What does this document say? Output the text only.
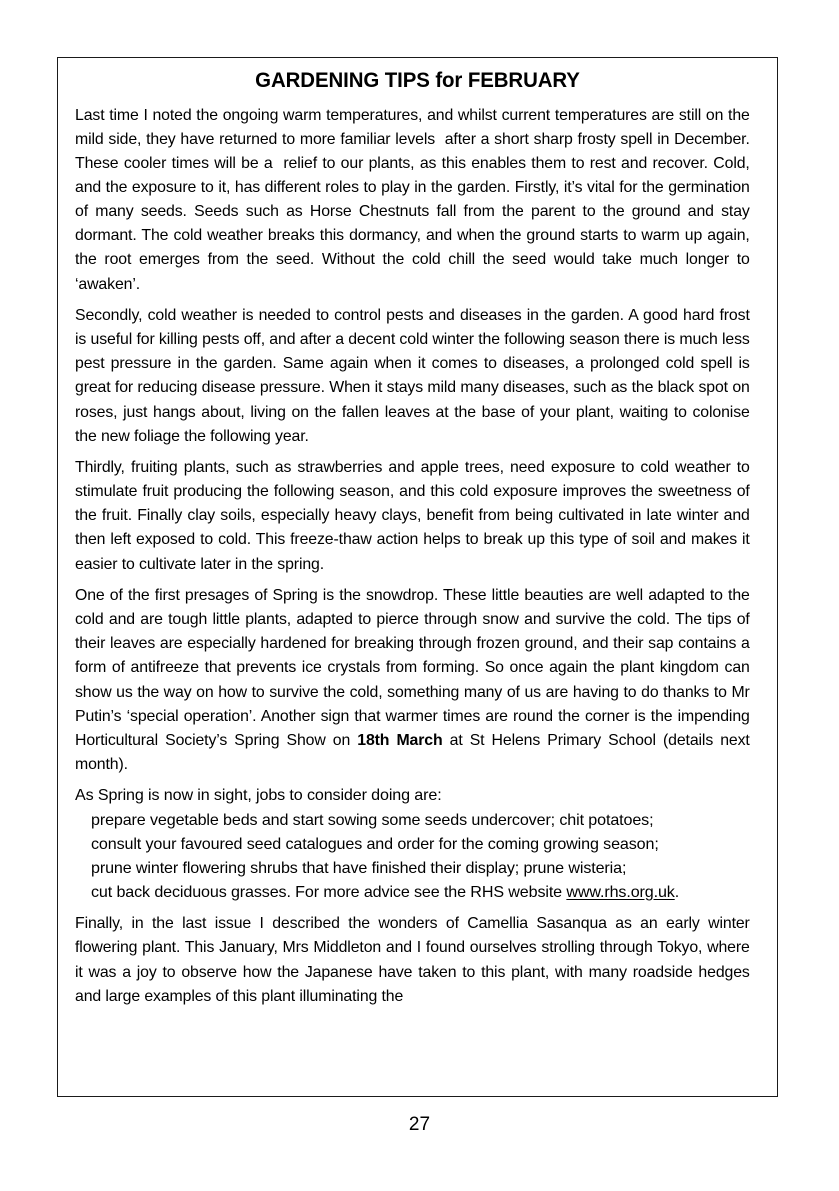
GARDENING TIPS for FEBRUARY

Last time I noted the ongoing warm temperatures, and whilst current temperatures are still on the mild side, they have returned to more familiar levels  after a short sharp frosty spell in December. These cooler times will be a  relief to our plants, as this enables them to rest and recover. Cold, and the exposure to it, has different roles to play in the garden. Firstly, it’s vital for the germination of many seeds. Seeds such as Horse Chestnuts fall from the parent to the ground and stay dormant. The cold weather breaks this dormancy, and when the ground starts to warm up again, the root emerges from the seed. Without the cold chill the seed would take much longer to ‘awaken’.

Secondly, cold weather is needed to control pests and diseases in the garden. A good hard frost is useful for killing pests off, and after a decent cold winter the following season there is much less pest pressure in the garden. Same again when it comes to diseases, a prolonged cold spell is great for reducing disease pressure. When it stays mild many diseases, such as the black spot on roses, just hangs about, living on the fallen leaves at the base of your plant, waiting to colonise the new foliage the following year.

Thirdly, fruiting plants, such as strawberries and apple trees, need exposure to cold weather to stimulate fruit producing the following season, and this cold exposure improves the sweetness of the fruit. Finally clay soils, especially heavy clays, benefit from being cultivated in late winter and then left exposed to cold. This freeze-thaw action helps to break up this type of soil and makes it easier to cultivate later in the spring.

One of the first presages of Spring is the snowdrop. These little beauties are well adapted to the cold and are tough little plants, adapted to pierce through snow and survive the cold. The tips of their leaves are especially hardened for breaking through frozen ground, and their sap contains a form of antifreeze that prevents ice crystals from forming. So once again the plant kingdom can show us the way on how to survive the cold, something many of us are having to do thanks to Mr Putin’s ‘special operation’. Another sign that warmer times are round the corner is the impending Horticultural Society’s Spring Show on 18th March at St Helens Primary School (details next month).

As Spring is now in sight, jobs to consider doing are:

prepare vegetable beds and start sowing some seeds undercover; chit potatoes;
consult your favoured seed catalogues and order for the coming growing season;
prune winter flowering shrubs that have finished their display; prune wisteria;
cut back deciduous grasses. For more advice see the RHS website www.rhs.org.uk.

Finally, in the last issue I described the wonders of Camellia Sasanqua as an early winter flowering plant. This January, Mrs Middleton and I found ourselves strolling through Tokyo, where it was a joy to observe how the Japanese have taken to this plant, with many roadside hedges and large examples of this plant illuminating the

27
